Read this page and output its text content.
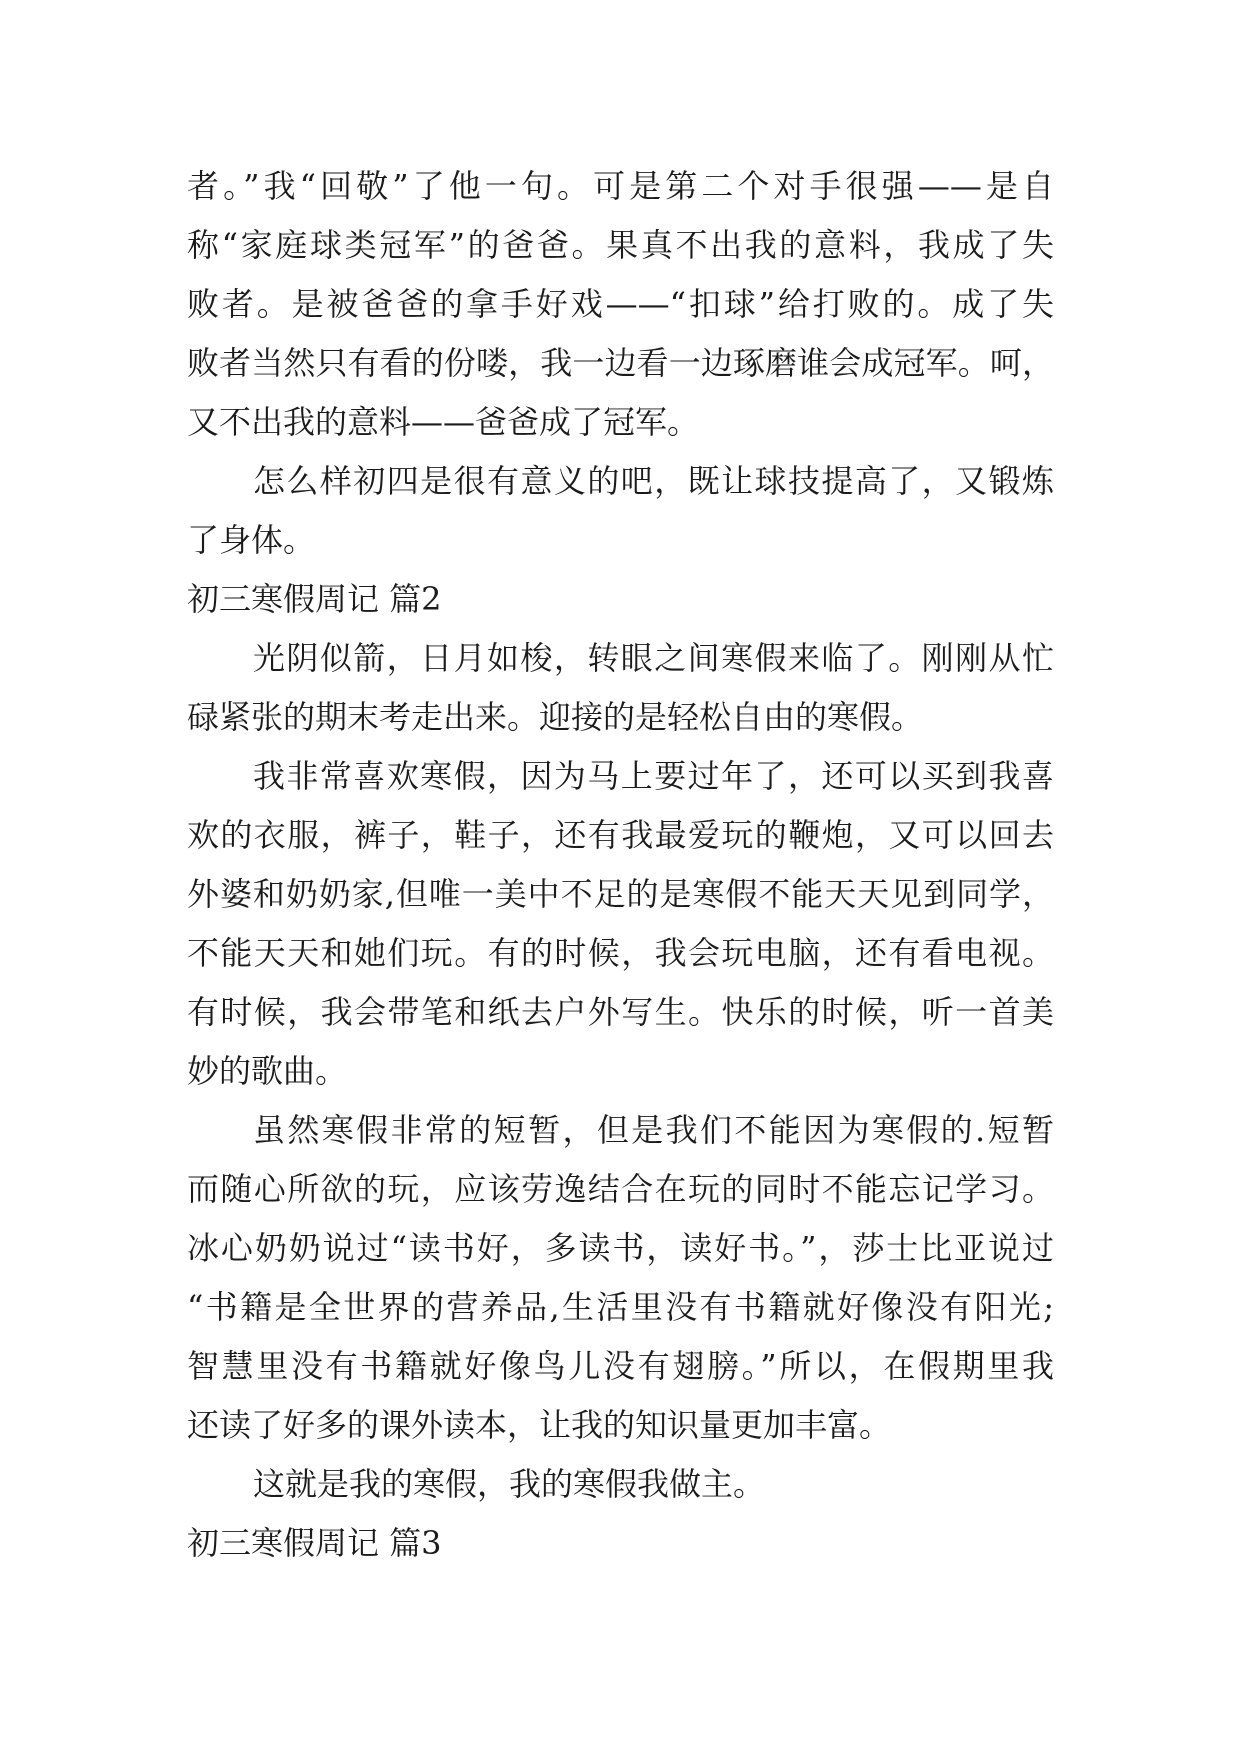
者。”我“回敬”了他一句。可是第二个对手很强——是自
称“家庭球类冠军”的爸爸。果真不出我的意料，我成了失
败者。是被爸爸的拿手好戏——“扣球”给打败的。成了失
败者当然只有看的份喽，我一边看一边琢磨谁会成冠军。呵，
又不出我的意料——爸爸成了冠军。
怎么样初四是很有意义的吧，既让球技提高了，又锻炼
了身体。
初三寒假周记 篇2
光阴似箭，日月如梭，转眼之间寒假来临了。刚刚从忙
碌紧张的期末考走出来。迎接的是轻松自由的寒假。
我非常喜欢寒假，因为马上要过年了，还可以买到我喜
欢的衣服，裤子，鞋子，还有我最爱玩的鞭炮，又可以回去
外婆和奶奶家,但唯一美中不足的是寒假不能天天见到同学，
不能天天和她们玩。有的时候，我会玩电脑，还有看电视。
有时候，我会带笔和纸去户外写生。快乐的时候，听一首美
妙的歌曲。
虽然寒假非常的短暂，但是我们不能因为寒假的.短暂
而随心所欲的玩，应该劳逸结合在玩的同时不能忘记学习。
冰心奶奶说过“读书好，多读书，读好书。”，莎士比亚说过
“书籍是全世界的营养品,生活里没有书籍就好像没有阳光;
智慧里没有书籍就好像鸟儿没有翅膀。”所以，在假期里我
还读了好多的课外读本，让我的知识量更加丰富。
这就是我的寒假，我的寒假我做主。
初三寒假周记 篇3
